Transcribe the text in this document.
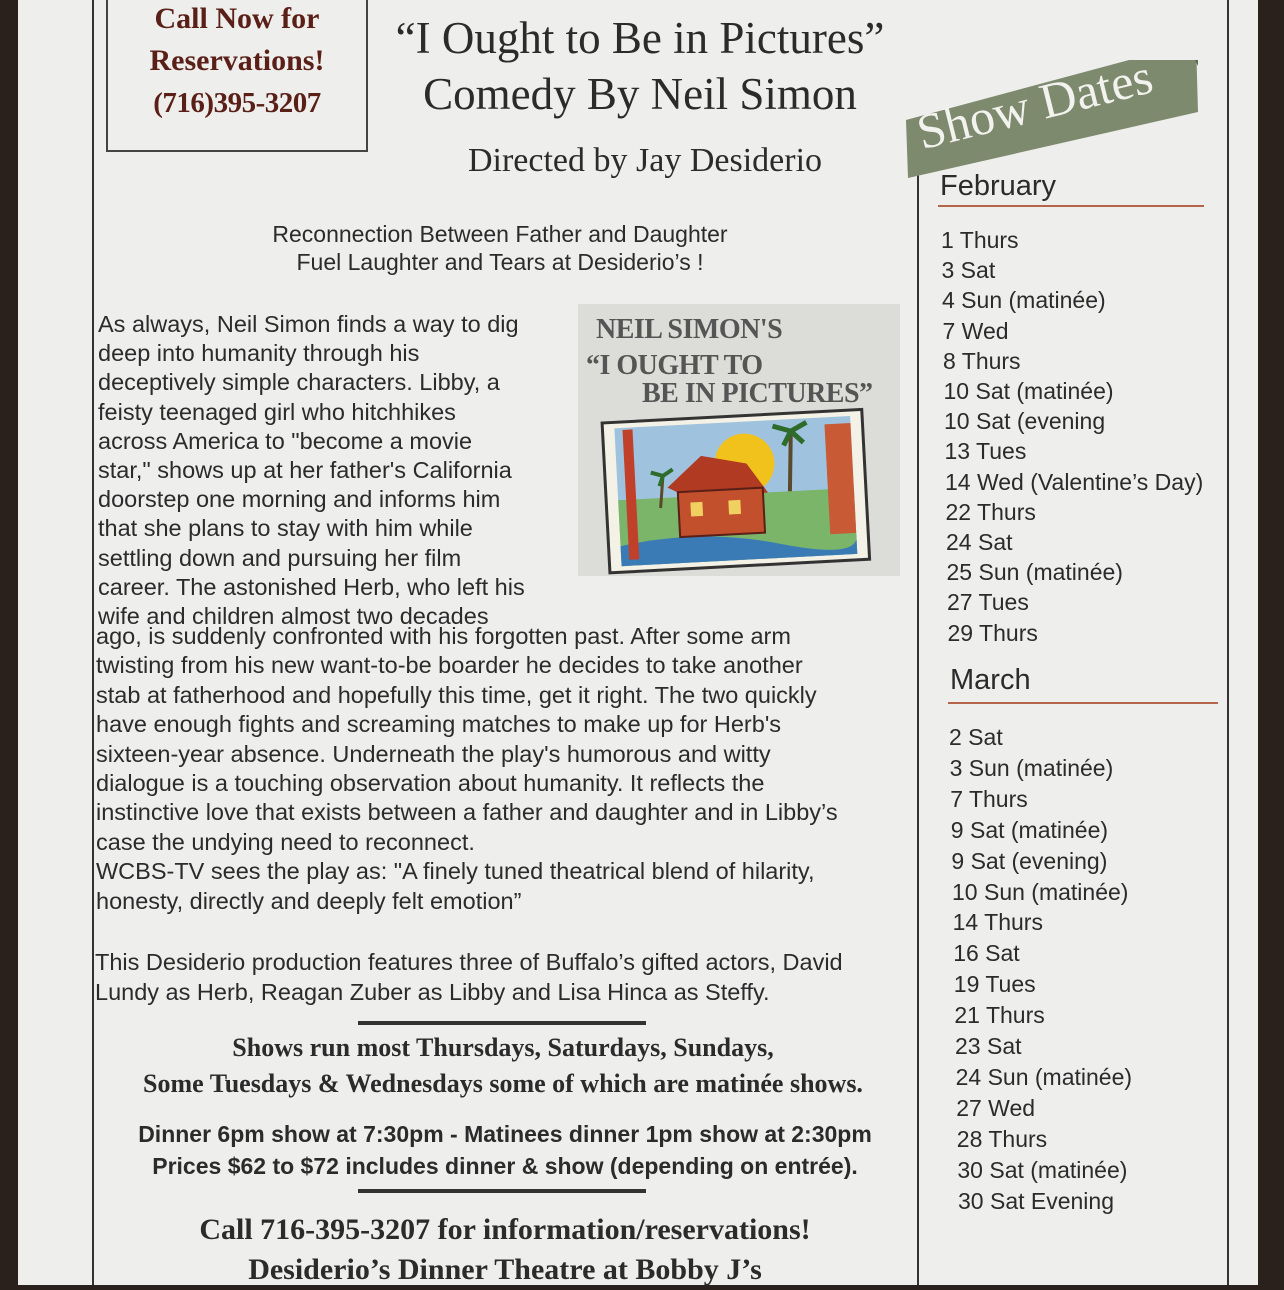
Call Now for
Reservations!
(716)395-3207
“I Ought to Be in Pictures”
Comedy By Neil Simon
Directed by Jay Desiderio
Reconnection Between Father and Daughter
Fuel Laughter and Tears at Desiderio’s !
As always, Neil Simon finds a way to dig
deep into humanity through his
deceptively simple characters. Libby, a
feisty teenaged girl who hitchhikes
across America to "become a movie
star," shows up at her father's California
doorstep one morning and informs him
that she plans to stay with him while
settling down and pursuing her film
career. The astonished Herb, who left his
wife and children almost two decades
NEIL SIMON'S
“I OUGHT TO
BE IN PICTURES”
ago, is suddenly confronted with his forgotten past. After some arm
twisting from his new want-to-be boarder he decides to take another
stab at fatherhood and hopefully this time, get it right. The two quickly
have enough fights and screaming matches to make up for Herb's
sixteen-year absence. Underneath the play's humorous and witty
dialogue is a touching observation about humanity. It reflects the
instinctive love that exists between a father and daughter and in Libby’s
case the undying need to reconnect.
WCBS-TV sees the play as: "A finely tuned theatrical blend of hilarity,
honesty, directly and deeply felt emotion”
This Desiderio production features three of Buffalo’s gifted actors, David
Lundy as Herb, Reagan Zuber as Libby and Lisa Hinca as Steffy.
Shows run most Thursdays, Saturdays, Sundays,
Some Tuesdays & Wednesdays some of which are matinée shows.
Dinner 6pm show at 7:30pm - Matinees dinner 1pm show at 2:30pm
Prices $62 to $72 includes dinner & show (depending on entrée).
Call 716-395-3207 for information/reservations!
Desiderio’s Dinner Theatre at Bobby J’s
Show Dates
February
1 Thurs
3 Sat
4 Sun (matinée)
7 Wed
8 Thurs
10 Sat (matinée)
10 Sat (evening
13 Tues
14 Wed (Valentine’s Day)
22 Thurs
24 Sat
25 Sun (matinée)
27 Tues
29 Thurs
March
2 Sat
3 Sun (matinée)
7 Thurs
9 Sat (matinée)
9 Sat (evening)
10 Sun (matinée)
14 Thurs
16 Sat
19 Tues
21 Thurs
23 Sat
24 Sun (matinée)
27 Wed
28 Thurs
30 Sat (matinée)
30 Sat Evening
